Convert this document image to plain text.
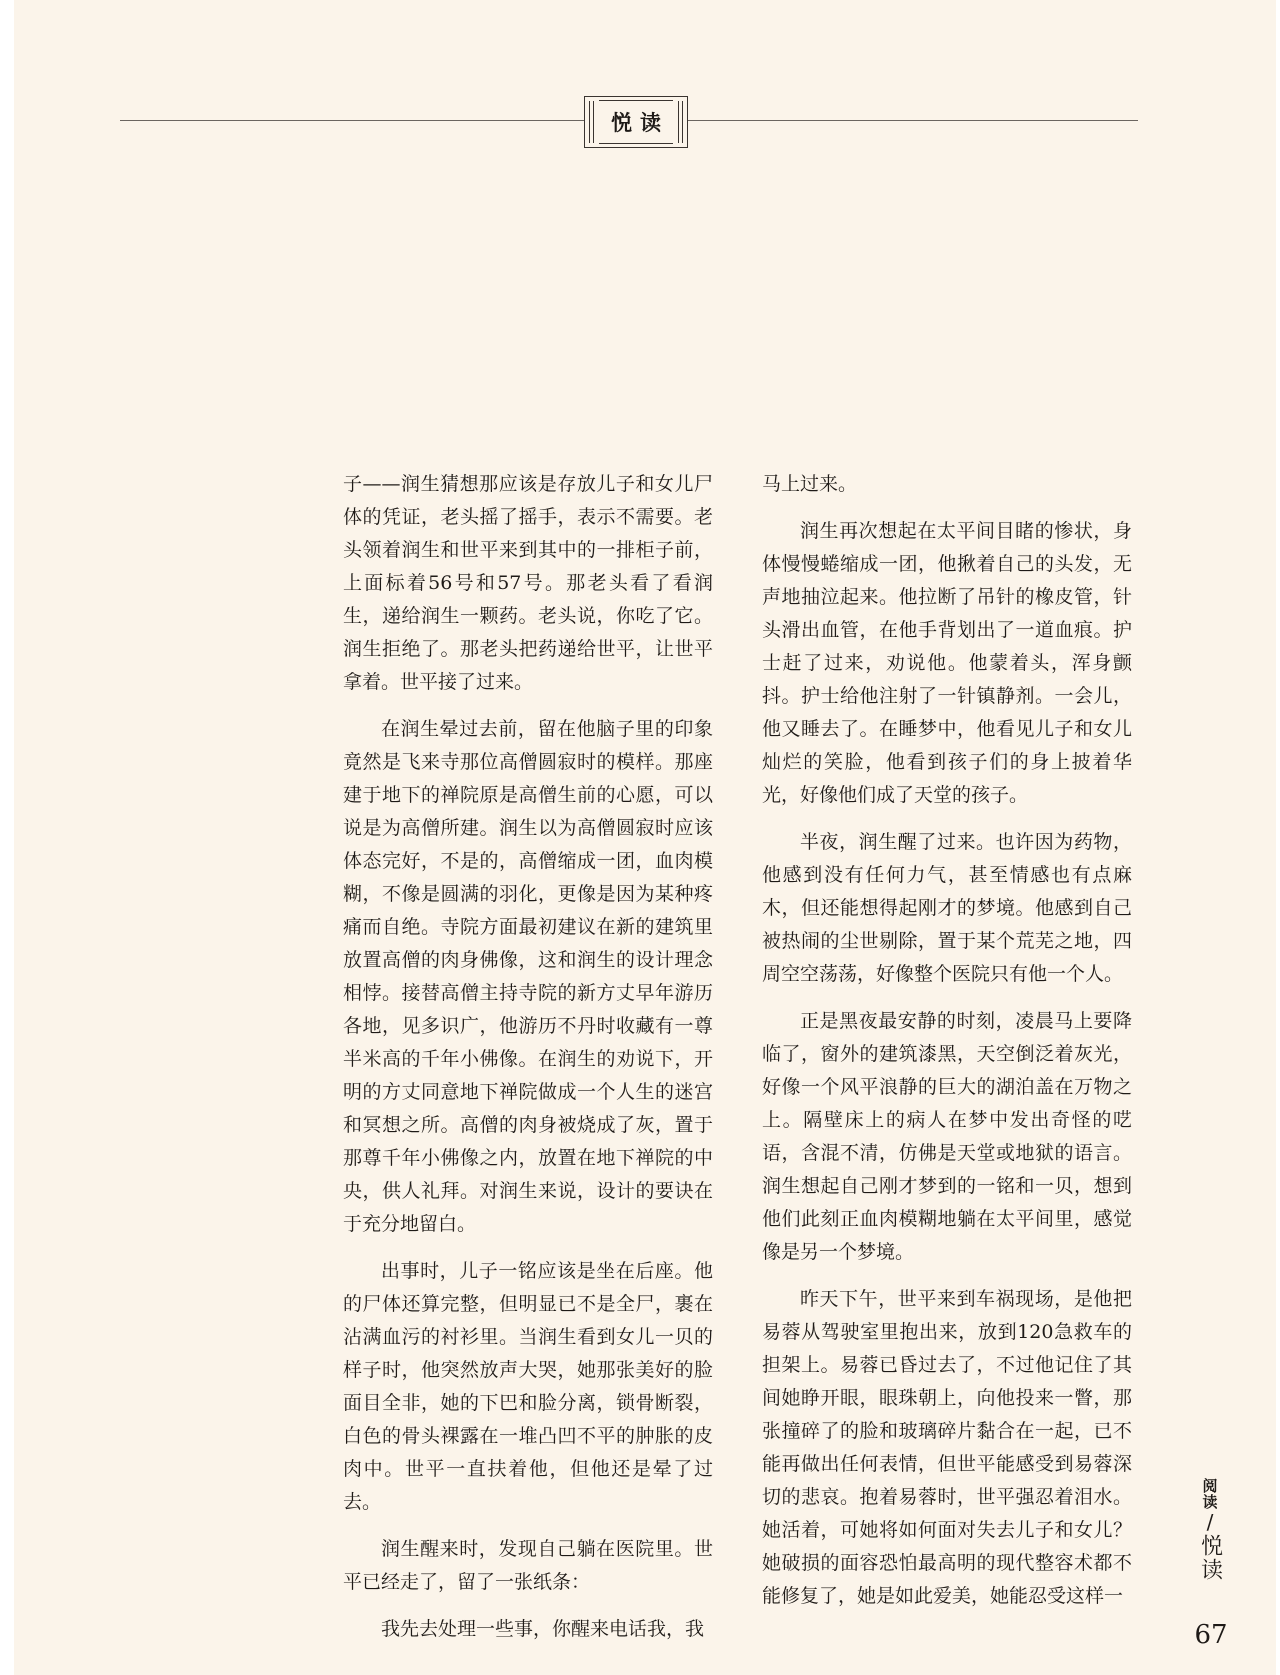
悦读

子——润生猜想那应该是存放儿子和女儿尸体的凭证，老头摇了摇手，表示不需要。老头领着润生和世平来到其中的一排柜子前，上面标着56号和57号。那老头看了看润生，递给润生一颗药。老头说，你吃了它。润生拒绝了。那老头把药递给世平，让世平拿着。世平接了过来。

在润生晕过去前，留在他脑子里的印象竟然是飞来寺那位高僧圆寂时的模样。那座建于地下的禅院原是高僧生前的心愿，可以说是为高僧所建。润生以为高僧圆寂时应该体态完好，不是的，高僧缩成一团，血肉模糊，不像是圆满的羽化，更像是因为某种疼痛而自绝。寺院方面最初建议在新的建筑里放置高僧的肉身佛像，这和润生的设计理念相悖。接替高僧主持寺院的新方丈早年游历各地，见多识广，他游历不丹时收藏有一尊半米高的千年小佛像。在润生的劝说下，开明的方丈同意地下禅院做成一个人生的迷宫和冥想之所。高僧的肉身被烧成了灰，置于那尊千年小佛像之内，放置在地下禅院的中央，供人礼拜。对润生来说，设计的要诀在于充分地留白。

出事时，儿子一铭应该是坐在后座。他的尸体还算完整，但明显已不是全尸，裹在沾满血污的衬衫里。当润生看到女儿一贝的样子时，他突然放声大哭，她那张美好的脸面目全非，她的下巴和脸分离，锁骨断裂，白色的骨头裸露在一堆凸凹不平的肿胀的皮肉中。世平一直扶着他，但他还是晕了过去。

润生醒来时，发现自己躺在医院里。世平已经走了，留了一张纸条：

我先去处理一些事，你醒来电话我，我

马上过来。

润生再次想起在太平间目睹的惨状，身体慢慢蜷缩成一团，他揪着自己的头发，无声地抽泣起来。他拉断了吊针的橡皮管，针头滑出血管，在他手背划出了一道血痕。护士赶了过来，劝说他。他蒙着头，浑身颤抖。护士给他注射了一针镇静剂。一会儿，他又睡去了。在睡梦中，他看见儿子和女儿灿烂的笑脸，他看到孩子们的身上披着华光，好像他们成了天堂的孩子。

半夜，润生醒了过来。也许因为药物，他感到没有任何力气，甚至情感也有点麻木，但还能想得起刚才的梦境。他感到自己被热闹的尘世剔除，置于某个荒芜之地，四周空空荡荡，好像整个医院只有他一个人。

正是黑夜最安静的时刻，凌晨马上要降临了，窗外的建筑漆黑，天空倒泛着灰光，好像一个风平浪静的巨大的湖泊盖在万物之上。隔壁床上的病人在梦中发出奇怪的呓语，含混不清，仿佛是天堂或地狱的语言。润生想起自己刚才梦到的一铭和一贝，想到他们此刻正血肉模糊地躺在太平间里，感觉像是另一个梦境。

昨天下午，世平来到车祸现场，是他把易蓉从驾驶室里抱出来，放到120急救车的担架上。易蓉已昏过去了，不过他记住了其间她睁开眼，眼珠朝上，向他投来一瞥，那张撞碎了的脸和玻璃碎片黏合在一起，已不能再做出任何表情，但世平能感受到易蓉深切的悲哀。抱着易蓉时，世平强忍着泪水。她活着，可她将如何面对失去儿子和女儿？她破损的面容恐怕最高明的现代整容术都不能修复了，她是如此爱美，她能忍受这样一

阅读
/
悦读
67
